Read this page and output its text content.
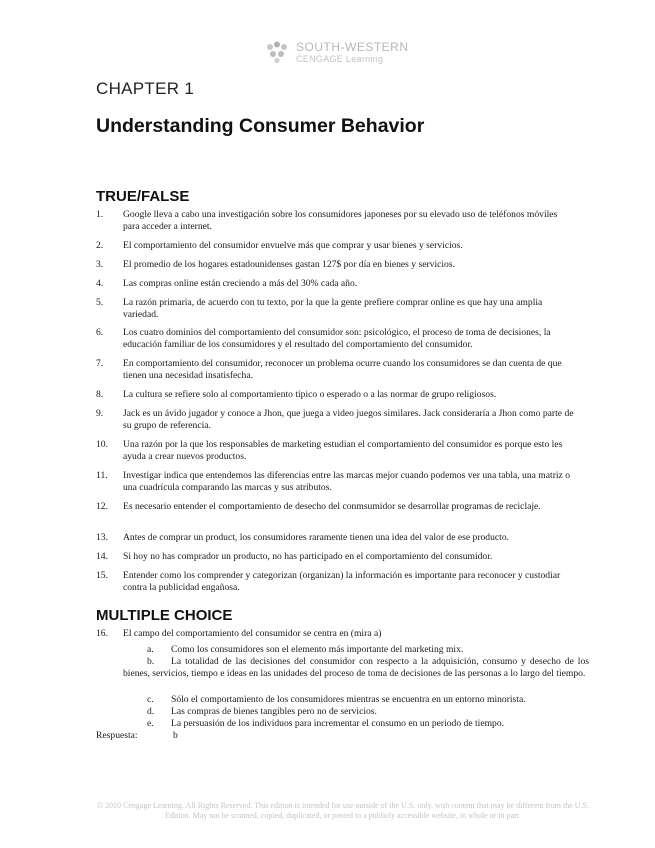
SOUTH-WESTERN
CENGAGE Learning
CHAPTER 1
Understanding Consumer Behavior
TRUE/FALSE
1. Google lleva a cabo una investigación sobre los consumidores japoneses por su elevado uso de teléfonos móviles para acceder a internet.
2. El comportamiento del consumidor envuelve más que comprar y usar bienes y servicios.
3. El promedio de los hogares estadounidenses gastan 127$ por día en bienes y servicios.
4. Las compras online están creciendo a más del 30% cada año.
5. La razón primaria, de acuerdo con tu texto, por la que la gente prefiere comprar online es que hay una amplia variedad.
6. Los cuatro dominios del comportamiento del consumidor son: psicológico, el proceso de toma de decisiones, la educación familiar de los consumidores y el resultado del comportamiento del consumidor.
7. En comportamiento del consumidor, reconocer un problema ocurre cuando los consumidores se dan cuenta de que tienen una necesidad insatisfecha.
8. La cultura se refiere solo al comportamiento típico o esperado o a las normar de grupo religiosos.
9. Jack es un ávido jugador y conoce a Jhon, que juega a video juegos similares. Jack consideraría a Jhon como parte de su grupo de referencia.
10. Una razón por la que los responsables de marketing estudian el comportamiento del consumidor es porque esto les ayuda a crear nuevos productos.
11. Investigar indica que entendemos las diferencias entre las marcas mejor cuando podemos ver una tabla, una matriz o una cuadrícula comparando las marcas y sus atributos.
12. Es necesario entender el comportamiento de desecho del conmsumidor se desarrollar programas de reciclaje.
13. Antes de comprar un product, los consumidores raramente tienen una idea del valor de ese producto.
14. Si hoy no has comprador un producto, no has participado en el comportamiento del consumidor.
15. Entender como los comprender y categorizan (organizan) la información es importante para reconocer y custodiar contra la publicidad engañosa.
MULTIPLE CHOICE
16. El campo del comportamiento del consumidor se centra en (mira a)
a.	Como los consumidores son el elemento más importante del marketing mix.
b.	La totalidad de las decisiones del consumidor con respecto a la adquisición, consumo y desecho de los bienes, servicios, tiempo e ideas en las unidades del proceso de toma de decisiones de las personas a lo largo del tiempo.
c.	Sólo el comportamiento de los consumidores mientras se encuentra en un entorno minorista.
d.	Las compras de bienes tangibles pero no de servicios.
e.	La persuasión de los individuos para incrementar el consumo en un periodo de tiempo.
Respuesta:	b
© 2010 Cengage Learning. All Rights Reserved. This edition is intended for use outside of the U.S. only, with content that may be different from the U.S. Edition. May not be scanned, copied, duplicated, or posted to a publicly accessible website, in whole or in part.
